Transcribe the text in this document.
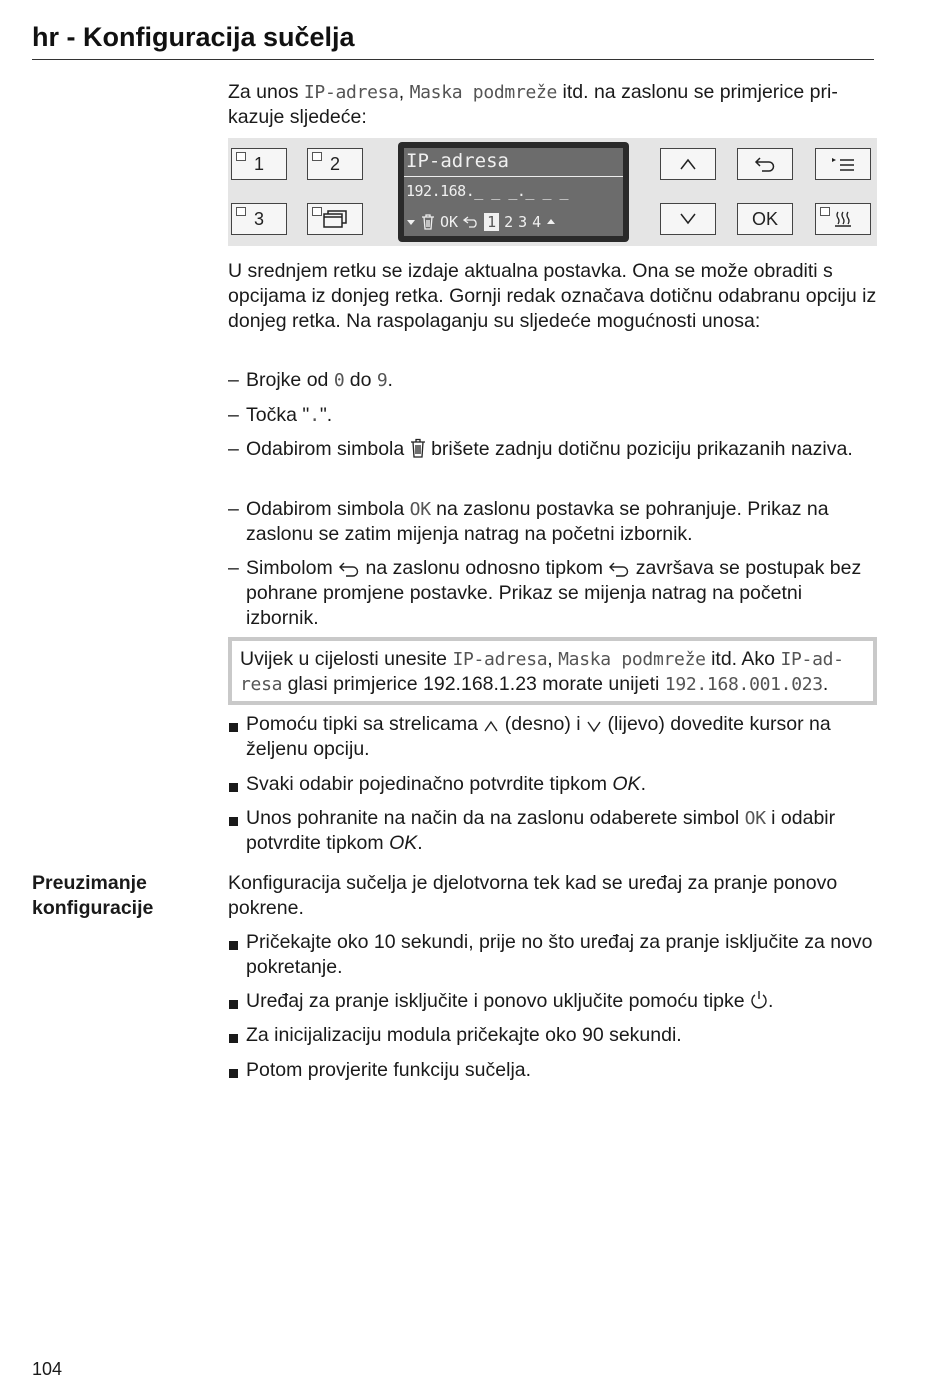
hr - Konfiguracija sučelja

Za unos IP-adresa, Maska podmreže itd. na zaslonu se primjerice prikazuje sljedeće:

1	2
3
IP-adresa
192.168._ _ _._ _ _
OK 1 2 3 4	OK

U srednjem retku se izdaje aktualna postavka. Ona se može obraditi s opcijama iz donjeg retka. Gornji redak označava dotičnu odabranu opciju iz donjeg retka. Na raspolaganju su sljedeće mogućnosti unosa:

– Brojke od 0 do 9.

– Točka ".".

– Odabirom simbola  brišete zadnju dotičnu poziciju prikazanih naziva.

– Odabirom simbola OK na zaslonu postavka se pohranjuje. Prikaz na zaslonu se zatim mijenja natrag na početni izbornik.

– Simbolom  na zaslonu odnosno tipkom  završava se postupak bez pohrane promjene postavke. Prikaz se mijenja natrag na početni izbornik.

Uvijek u cijelosti unesite IP-adresa, Maska podmreže itd. Ako IP-adresa glasi primjerice 192.168.1.23 morate unijeti 192.168.001.023.

Pomoću tipki sa strelicama  (desno) i  (lijevo) dovedite kursor na željenu opciju.

Svaki odabir pojedinačno potvrdite tipkom OK.

Unos pohranite na način da na zaslonu odaberete simbol OK i odabir potvrdite tipkom OK.

Preuzimanje konfiguracije

Konfiguracija sučelja je djelotvorna tek kad se uređaj za pranje ponovo pokrene.

Pričekajte oko 10 sekundi, prije no što uređaj za pranje isključite za novo pokretanje.

Uređaj za pranje isključite i ponovo uključite pomoću tipke .

Za inicijalizaciju modula pričekajte oko 90 sekundi.

Potom provjerite funkciju sučelja.

104
